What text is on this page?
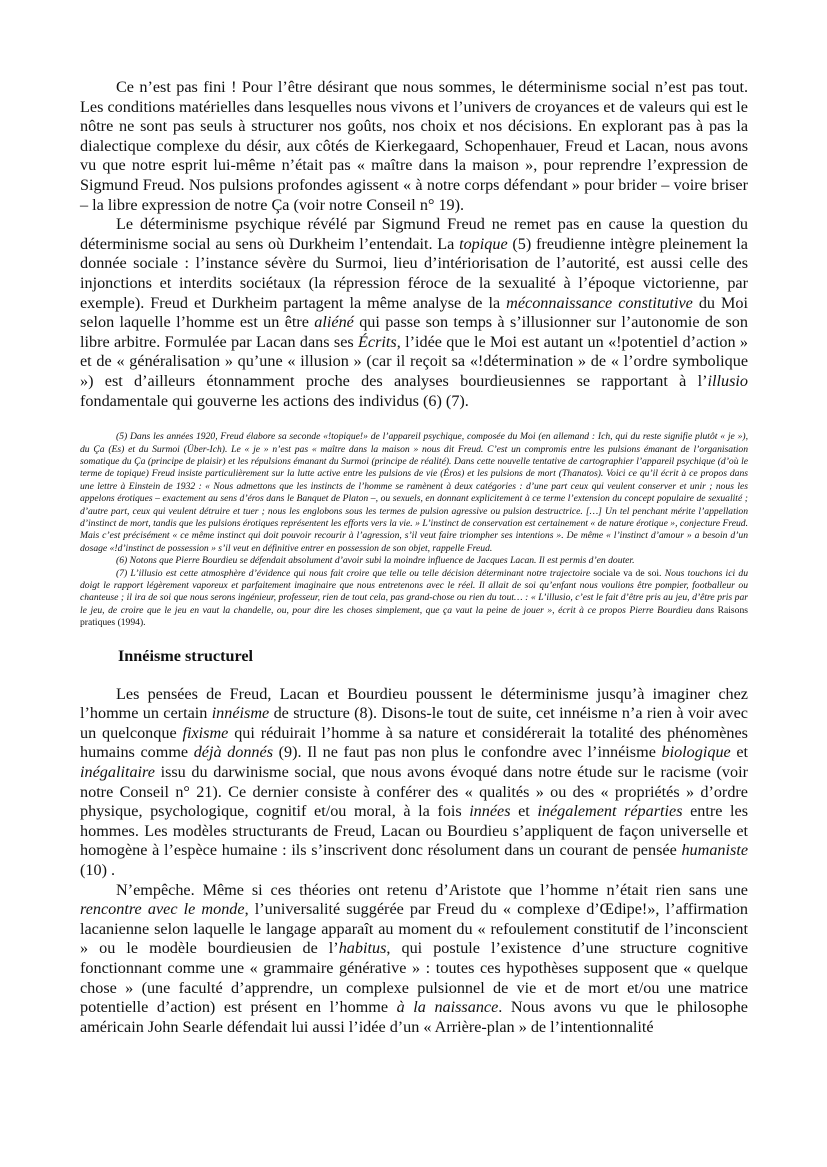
Ce n’est pas fini ! Pour l’être désirant que nous sommes, le déterminisme social n’est pas tout. Les conditions matérielles dans lesquelles nous vivons et l’univers de croyances et de valeurs qui est le nôtre ne sont pas seuls à structurer nos goûts, nos choix et nos décisions. En explorant pas à pas la dialectique complexe du désir, aux côtés de Kierkegaard, Schopenhauer, Freud et Lacan, nous avons vu que notre esprit lui-même n’était pas « maître dans la maison », pour reprendre l’expression de Sigmund Freud. Nos pulsions profondes agissent « à notre corps défendant » pour brider – voire briser – la libre expression de notre Ça (voir notre Conseil n° 19).

Le déterminisme psychique révélé par Sigmund Freud ne remet pas en cause la question du déterminisme social au sens où Durkheim l’entendait. La topique (5) freudienne intègre pleinement la donnée sociale : l’instance sévère du Surmoi, lieu d’intériorisation de l’autorité, est aussi celle des injonctions et interdits sociétaux (la répression féroce de la sexualité à l’époque victorienne, par exemple). Freud et Durkheim partagent la même analyse de la méconnaissance constitutive du Moi selon laquelle l’homme est un être aliéné qui passe son temps à s’illusionner sur l’autonomie de son libre arbitre. Formulée par Lacan dans ses Écrits, l’idée que le Moi est autant un «!potentiel d’action » et de « généralisation » qu’une « illusion » (car il reçoit sa «!détermination » de « l’ordre symbolique ») est d’ailleurs étonnamment proche des analyses bourdieusiennes se rapportant à l’illusio fondamentale qui gouverne les actions des individus (6) (7).

(5) Dans les années 1920, Freud élabore sa seconde «!topique!» de l’appareil psychique, composée du Moi (en allemand : Ich, qui du reste signifie plutôt « je »), du Ça (Es) et du Surmoi (Über-Ich). Le « je » n’est pas « maître dans la maison » nous dit Freud. C’est un compromis entre les pulsions émanant de l’organisation somatique du Ça (principe de plaisir) et les répulsions émanant du Surmoi (principe de réalité). Dans cette nouvelle tentative de cartographier l’appareil psychique (d’où le terme de topique) Freud insiste particulièrement sur la lutte active entre les pulsions de vie (Éros) et les pulsions de mort (Thanatos). Voici ce qu’il écrit à ce propos dans une lettre à Einstein de 1932 : « Nous admettons que les instincts de l’homme se ramènent à deux catégories : d’une part ceux qui veulent conserver et unir ; nous les appelons érotiques – exactement au sens d’éros dans le Banquet de Platon –, ou sexuels, en donnant explicitement à ce terme l’extension du concept populaire de sexualité ; d’autre part, ceux qui veulent détruire et tuer ; nous les englobons sous les termes de pulsion agressive ou pulsion destructrice. […] Un tel penchant mérite l’appellation d’instinct de mort, tandis que les pulsions érotiques représentent les efforts vers la vie. » L’instinct de conservation est certainement « de nature érotique », conjecture Freud. Mais c’est précisément « ce même instinct qui doit pouvoir recourir à l’agression, s’il veut faire triompher ses intentions ». De même « l’instinct d’amour » a besoin d’un dosage «!d’instinct de possession » s’il veut en définitive entrer en possession de son objet, rappelle Freud.

(6) Notons que Pierre Bourdieu se défendait absolument d’avoir subi la moindre influence de Jacques Lacan. Il est permis d’en douter.

(7) L’illusio est cette atmosphère d’évidence qui nous fait croire que telle ou telle décision déterminant notre trajectoire sociale va de soi. Nous touchons ici du doigt le rapport légèrement vaporeux et parfaitement imaginaire que nous entretenons avec le réel. Il allait de soi qu’enfant nous voulions être pompier, footballeur ou chanteuse ; il ira de soi que nous serons ingénieur, professeur, rien de tout cela, pas grand-chose ou rien du tout… : « L’illusio, c’est le fait d’être pris au jeu, d’être pris par le jeu, de croire que le jeu en vaut la chandelle, ou, pour dire les choses simplement, que ça vaut la peine de jouer », écrit à ce propos Pierre Bourdieu dans Raisons pratiques (1994).

Innéisme structurel

Les pensées de Freud, Lacan et Bourdieu poussent le déterminisme jusqu’à imaginer chez l’homme un certain innéisme de structure (8). Disons-le tout de suite, cet innéisme n’a rien à voir avec un quelconque fixisme qui réduirait l’homme à sa nature et considérerait la totalité des phénomènes humains comme déjà donnés (9). Il ne faut pas non plus le confondre avec l’innéisme biologique et inégalitaire issu du darwinisme social, que nous avons évoqué dans notre étude sur le racisme (voir notre Conseil n° 21). Ce dernier consiste à conférer des « qualités » ou des « propriétés » d’ordre physique, psychologique, cognitif et/ou moral, à la fois innées et inégalement réparties entre les hommes. Les modèles structurants de Freud, Lacan ou Bourdieu s’appliquent de façon universelle et homogène à l’espèce humaine : ils s’inscrivent donc résolument dans un courant de pensée humaniste (10) .

N’empêche. Même si ces théories ont retenu d’Aristote que l’homme n’était rien sans une rencontre avec le monde, l’universalité suggérée par Freud du « complexe d’Œdipe!», l’affirmation lacanienne selon laquelle le langage apparaît au moment du « refoulement constitutif de l’inconscient » ou le modèle bourdieusien de l’habitus, qui postule l’existence d’une structure cognitive fonctionnant comme une « grammaire générative » : toutes ces hypothèses supposent que « quelque chose » (une faculté d’apprendre, un complexe pulsionnel de vie et de mort et/ou une matrice potentielle d’action) est présent en l’homme à la naissance. Nous avons vu que le philosophe américain John Searle défendait lui aussi l’idée d’un « Arrière-plan » de l’intentionnalité
